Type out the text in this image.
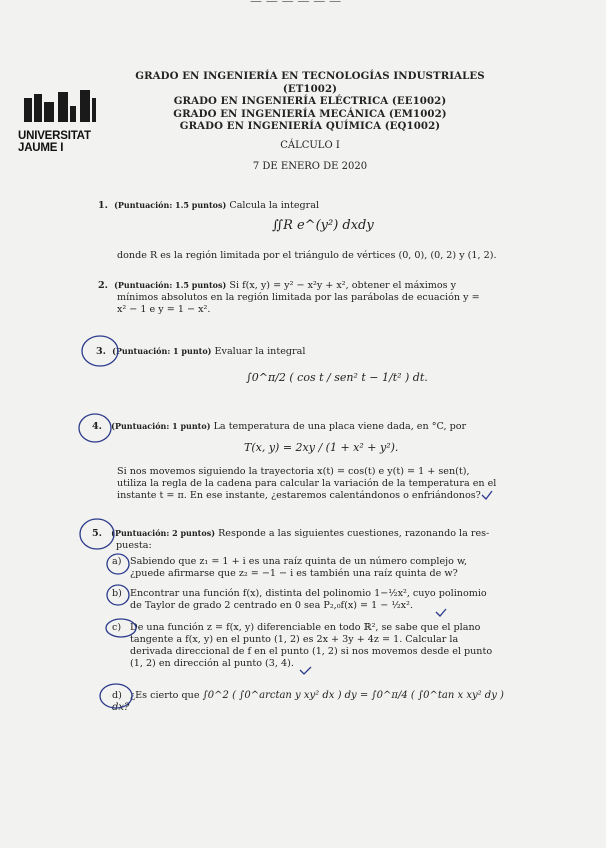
— — — — — —
UNIVERSITAT
JAUME I
GRADO EN INGENIERÍA EN TECNOLOGÍAS INDUSTRIALES
(ET1002)
GRADO EN INGENIERÍA ELÉCTRICA (EE1002)
GRADO EN INGENIERÍA MECÁNICA (EM1002)
GRADO EN INGENIERÍA QUÍMICA (EQ1002)
CÁLCULO I
7 DE ENERO DE 2020
1. (Puntuación: 1.5 puntos) Calcula la integral
∬R e^(y²) dxdy
donde R es la región limitada por el triángulo de vértices (0, 0), (0, 2) y (1, 2).
2. (Puntuación: 1.5 puntos) Si f(x, y) = y² − x²y + x², obtener el máximos y
mínimos absolutos en la región limitada por las parábolas de ecuación y =
x² − 1 e y = 1 − x².
3. (Puntuación: 1 punto) Evaluar la integral
∫0^π/2 ( cos t / sen² t − 1/t² ) dt.
4. (Puntuación: 1 punto) La temperatura de una placa viene dada, en °C, por
T(x, y) = 2xy / (1 + x² + y²).
Si nos movemos siguiendo la trayectoria x(t) = cos(t) e y(t) = 1 + sen(t),
utiliza la regla de la cadena para calcular la variación de la temperatura en el
instante t = π. En ese instante, ¿estaremos calentándonos o enfriándonos?
5. (Puntuación: 2 puntos) Responde a las siguientes cuestiones, razonando la res-
puesta:
a) Sabiendo que z₁ = 1 + i es una raíz quinta de un número complejo w,
¿puede afirmarse que z₂ = −1 − i es también una raíz quinta de w?
b) Encontrar una función f(x), distinta del polinomio 1−½x², cuyo polinomio
de Taylor de grado 2 centrado en 0 sea P₂,₀f(x) = 1 − ½x².
c) De una función z = f(x, y) diferenciable en todo ℝ², se sabe que el plano
tangente a f(x, y) en el punto (1, 2) es 2x + 3y + 4z = 1. Calcular la
derivada direccional de f en el punto (1, 2) si nos movemos desde el punto
(1, 2) en dirección al punto (3, 4).
d) ¿Es cierto que ∫0^2 ( ∫0^arctan y xy² dx ) dy = ∫0^π/4 ( ∫0^tan x xy² dy ) dx?
